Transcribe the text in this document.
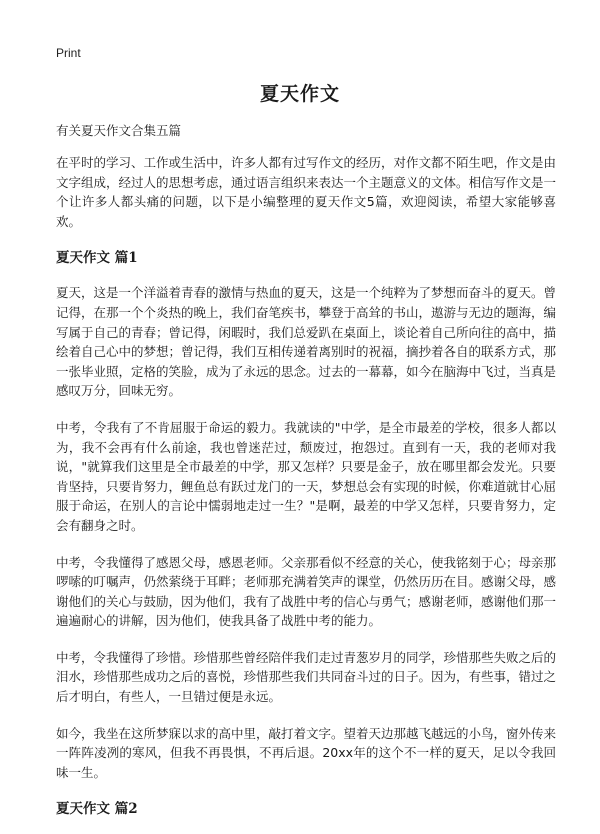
Print
夏天作文
有关夏天作文合集五篇

在平时的学习、工作或生活中，许多人都有过写作文的经历，对作文都不陌生吧，作文是由文字组成，经过人的思想考虑，通过语言组织来表达一个主题意义的文体。相信写作文是一个让许多人都头痛的问题，以下是小编整理的夏天作文5篇，欢迎阅读，希望大家能够喜欢。

夏天作文 篇1

夏天，这是一个洋溢着青春的激情与热血的夏天，这是一个纯粹为了梦想而奋斗的夏天。曾记得，在那一个个炎热的晚上，我们奋笔疾书，攀登于高耸的书山，遨游与无边的题海，编写属于自己的青春；曾记得，闲暇时，我们总爱趴在桌面上，谈论着自己所向往的高中，描绘着自己心中的梦想；曾记得，我们互相传递着离别时的祝福，摘抄着各自的联系方式，那一张毕业照，定格的笑脸，成为了永远的思念。过去的一幕幕，如今在脑海中飞过，当真是感叹万分，回味无穷。

中考，令我有了不肯屈服于命运的毅力。我就读的"中学，是全市最差的学校，很多人都以为，我不会再有什么前途，我也曾迷茫过，颓废过，抱怨过。直到有一天，我的老师对我说，"就算我们这里是全市最差的中学，那又怎样？只要是金子，放在哪里都会发光。只要肯坚持，只要肯努力，鲤鱼总有跃过龙门的一天，梦想总会有实现的时候，你难道就甘心屈服于命运，在别人的言论中懦弱地走过一生？"是啊，最差的中学又怎样，只要肯努力，定会有翻身之时。

中考，令我懂得了感恩父母，感恩老师。父亲那看似不经意的关心，使我铭刻于心；母亲那啰嗦的叮嘱声，仍然萦绕于耳畔；老师那充满着笑声的课堂，仍然历历在目。感谢父母，感谢他们的关心与鼓励，因为他们，我有了战胜中考的信心与勇气；感谢老师，感谢他们那一遍遍耐心的讲解，因为他们，使我具备了战胜中考的能力。

中考，令我懂得了珍惜。珍惜那些曾经陪伴我们走过青葱岁月的同学，珍惜那些失败之后的泪水，珍惜那些成功之后的喜悦，珍惜那些我们共同奋斗过的日子。因为，有些事，错过之后才明白，有些人，一旦错过便是永远。

如今，我坐在这所梦寐以求的高中里，敲打着文字。望着天边那越飞越远的小鸟，窗外传来一阵阵凌冽的寒风，但我不再畏惧，不再后退。20xx年的这个不一样的夏天，足以令我回味一生。

夏天作文 篇2
